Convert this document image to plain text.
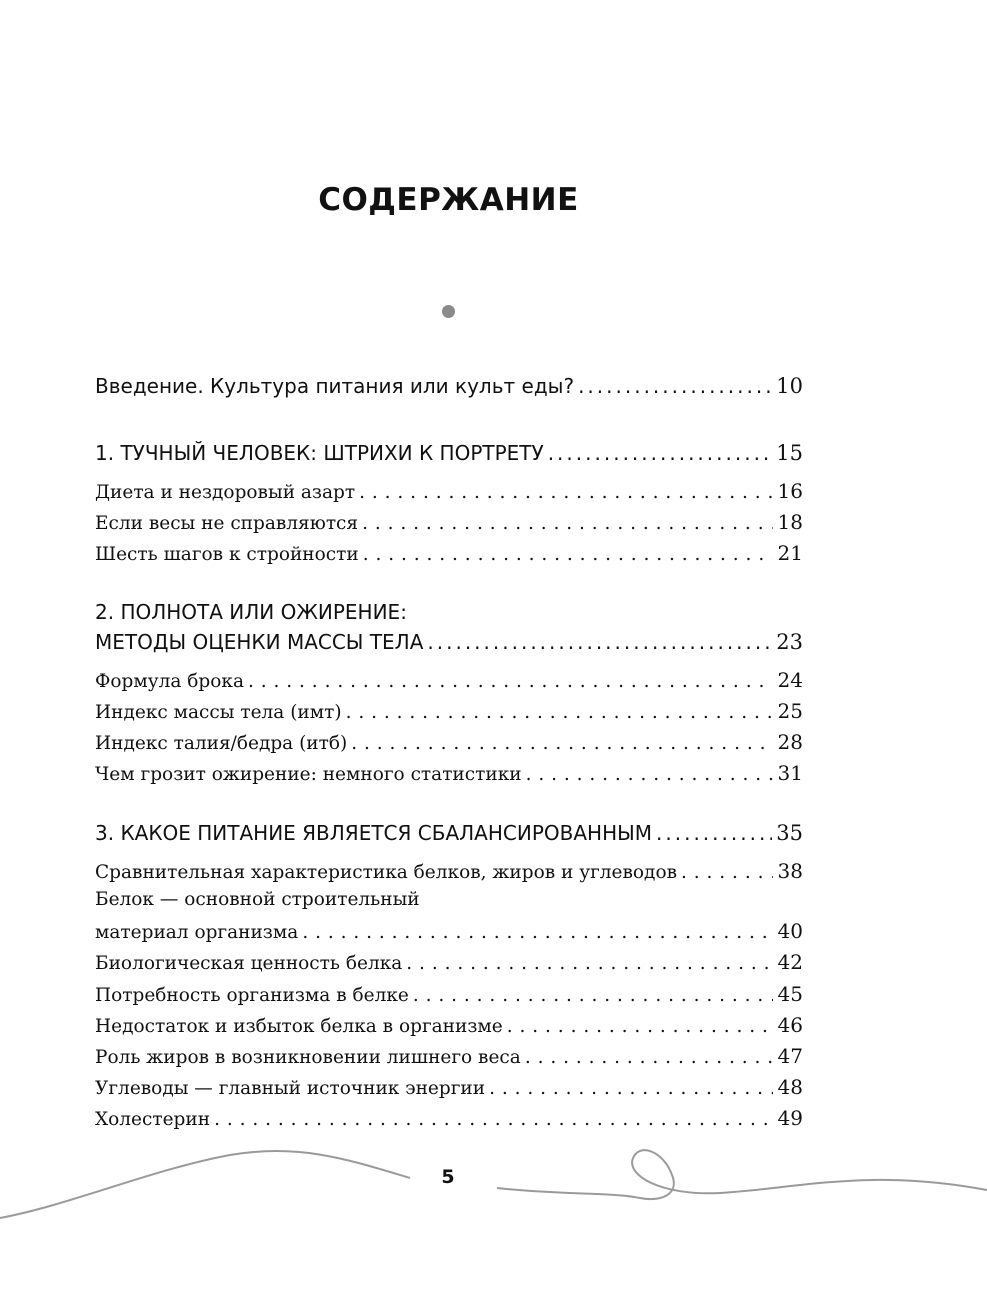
СОДЕРЖАНИЕ
Введение. Культура питания или культ еды? .....	10
1. ТУЧНЫЙ ЧЕЛОВЕК: ШТРИХИ К ПОРТРЕТУ .....	15
Диета и нездоровый азарт . . .	16
Если весы не справляются . . .	18
Шесть шагов к стройности . . .	21
2. ПОЛНОТА ИЛИ ОЖИРЕНИЕ:
МЕТОДЫ ОЦЕНКИ МАССЫ ТЕЛА .....	23
Формула брока . . .	24
Индекс массы тела (имт) . . .	25
Индекс талия/бедра (итб) . . .	28
Чем грозит ожирение: немного статистики . . .	31
3. КАКОЕ ПИТАНИЕ ЯВЛЯЕТСЯ СБАЛАНСИРОВАННЫМ .....	35
Сравнительная характеристика белков, жиров и углеводов . . .	38
Белок — основной строительный
материал организма . . .	40
Биологическая ценность белка . . .	42
Потребность организма в белке . . .	45
Недостаток и избыток белка в организме . . .	46
Роль жиров в возникновении лишнего веса . . .	47
Углеводы — главный источник энергии . . .	48
Холестерин . . .	49
5
